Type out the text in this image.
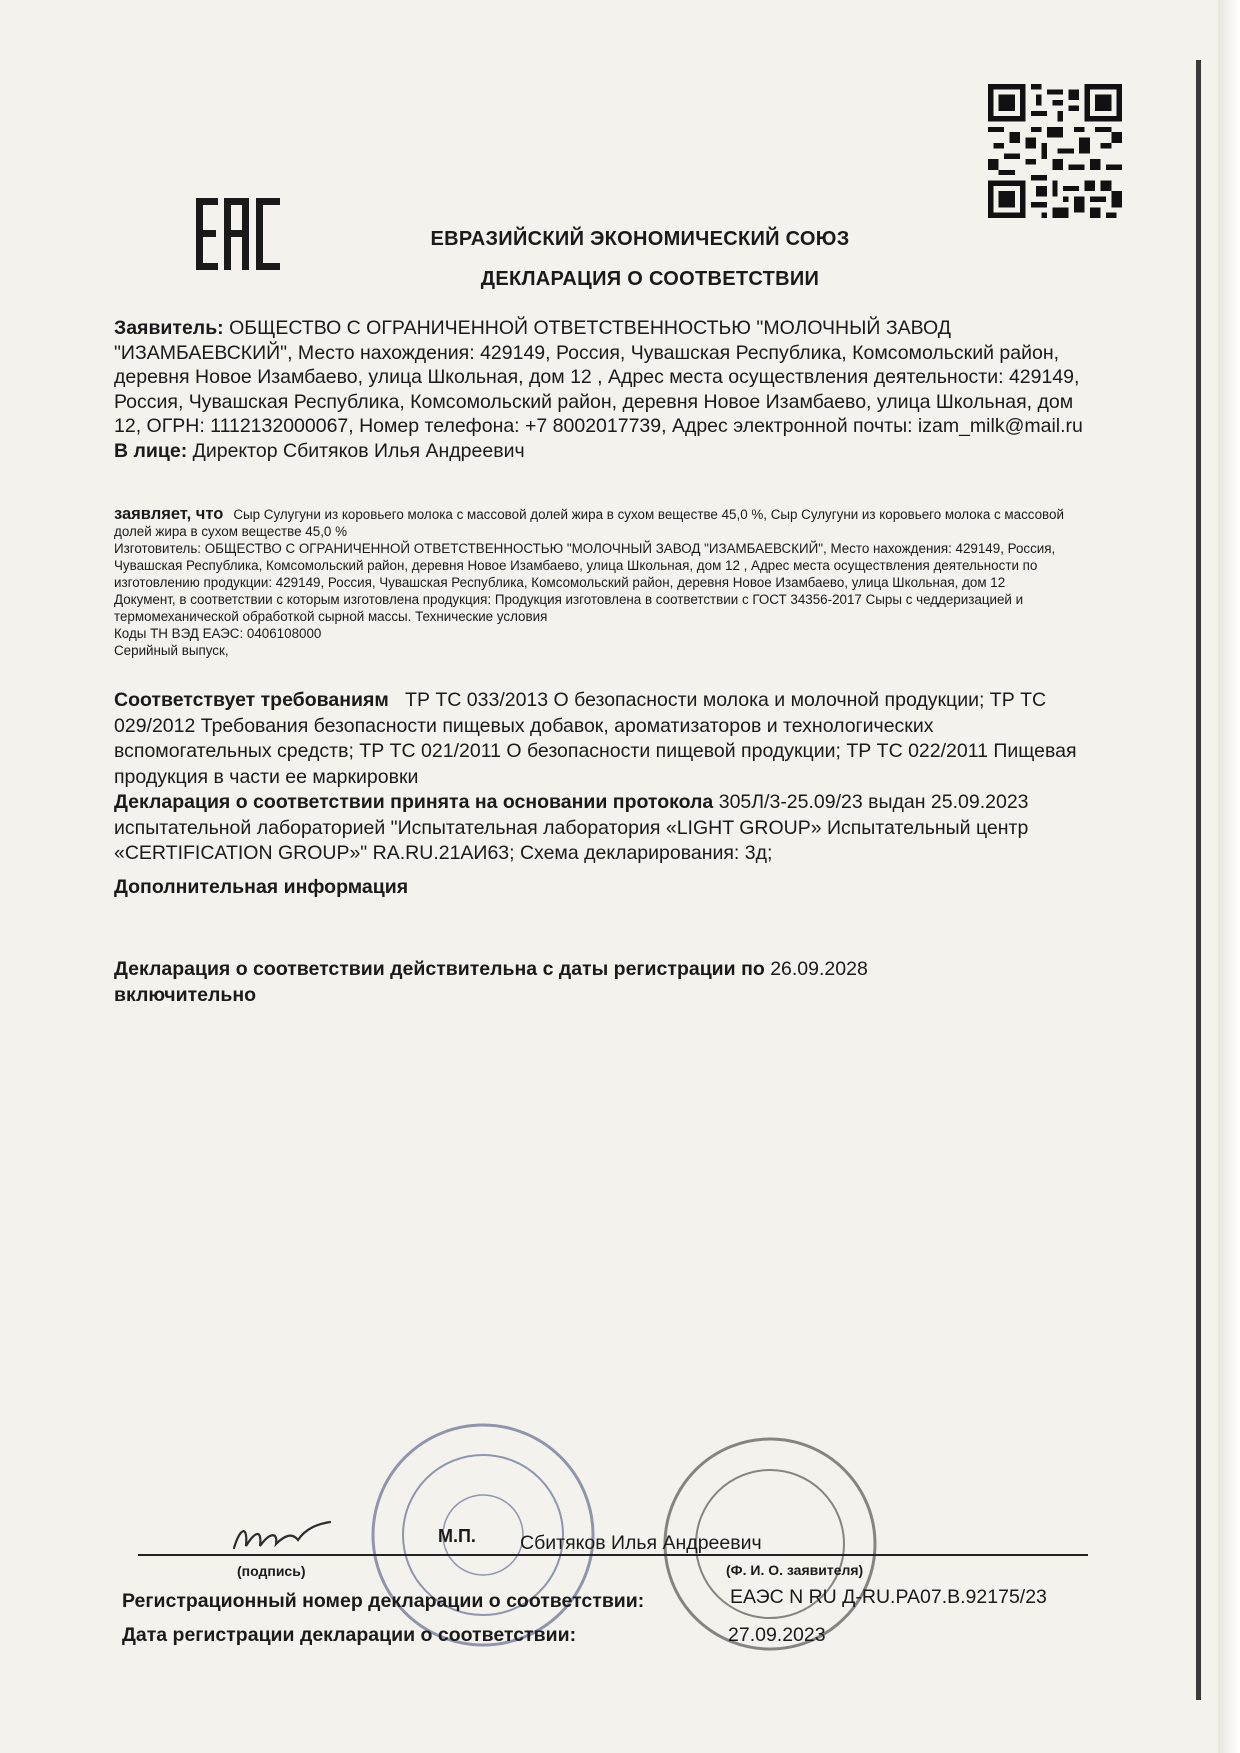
ЕВРАЗИЙСКИЙ ЭКОНОМИЧЕСКИЙ СОЮЗ
ДЕКЛАРАЦИЯ О СООТВЕТСТВИИ
Заявитель: ОБЩЕСТВО С ОГРАНИЧЕННОЙ ОТВЕТСТВЕННОСТЬЮ "МОЛОЧНЫЙ ЗАВОД "ИЗАМБАЕВСКИЙ", Место нахождения: 429149, Россия, Чувашская Республика, Комсомольский район, деревня Новое Изамбаево, улица Школьная, дом 12 , Адрес места осуществления деятельности: 429149, Россия, Чувашская Республика, Комсомольский район, деревня Новое Изамбаево, улица Школьная, дом 12, ОГРН: 1112132000067, Номер телефона: +7 8002017739, Адрес электронной почты: izam_milk@mail.ru
В лице: Директор Сбитяков Илья Андреевич
заявляет, что Сыр Сулугуни из коровьего молока с массовой долей жира в сухом веществе 45,0 %, Сыр Сулугуни из коровьего молока с массовой долей жира в сухом веществе 45,0 %
Изготовитель: ОБЩЕСТВО С ОГРАНИЧЕННОЙ ОТВЕТСТВЕННОСТЬЮ "МОЛОЧНЫЙ ЗАВОД "ИЗАМБАЕВСКИЙ", Место нахождения: 429149, Россия, Чувашская Республика, Комсомольский район, деревня Новое Изамбаево, улица Школьная, дом 12 , Адрес места осуществления деятельности по изготовлению продукции: 429149, Россия, Чувашская Республика, Комсомольский район, деревня Новое Изамбаево, улица Школьная, дом 12
Документ, в соответствии с которым изготовлена продукция: Продукция изготовлена в соответствии с ГОСТ 34356-2017 Сыры с чеддеризацией и термомеханической обработкой сырной массы. Технические условия
Коды ТН ВЭД ЕАЭС: 0406108000
Серийный выпуск,
Соответствует требованиям ТР ТС 033/2013 О безопасности молока и молочной продукции; ТР ТС 029/2012 Требования безопасности пищевых добавок, ароматизаторов и технологических вспомогательных средств; ТР ТС 021/2011 О безопасности пищевой продукции; ТР ТС 022/2011 Пищевая продукция в части ее маркировки
Декларация о соответствии принята на основании протокола 305Л/3-25.09/23 выдан 25.09.2023 испытательной лабораторией "Испытательная лаборатория «LIGHT GROUP» Испытательный центр «CERTIFICATION GROUP»" RA.RU.21АИ63; Схема декларирования: 3д;
Дополнительная информация
Декларация о соответствии действительна с даты регистрации по 26.09.2028
включительно
(подпись)
М.П. Сбитяков Илья Андреевич
(Ф. И. О. заявителя)
Регистрационный номер декларации о соответствии:	ЕАЭС N RU Д-RU.PA07.B.92175/23
Дата регистрации декларации о соответствии:	27.09.2023
